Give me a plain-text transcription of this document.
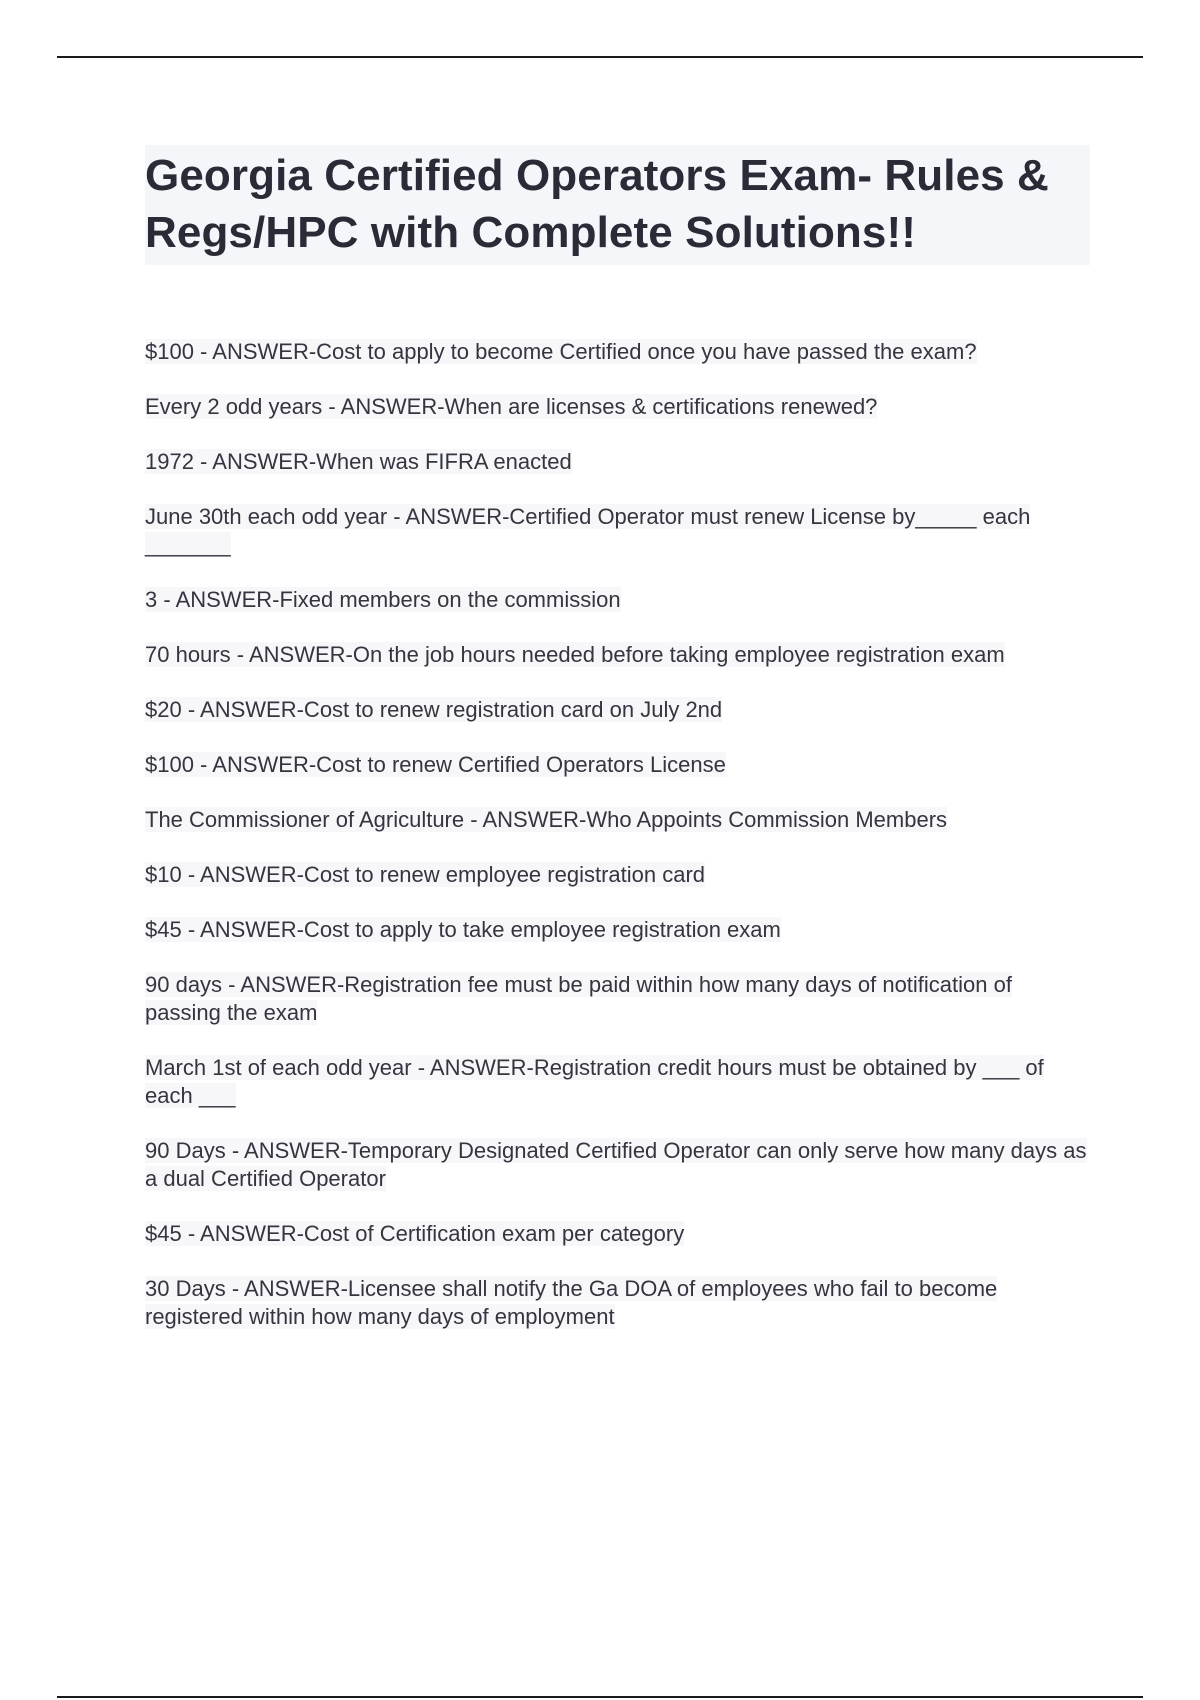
Georgia Certified Operators Exam- Rules & Regs/HPC with Complete Solutions!!
$100 - ANSWER-Cost to apply to become Certified once you have passed the exam?
Every 2 odd years - ANSWER-When are licenses & certifications renewed?
1972 - ANSWER-When was FIFRA enacted
June 30th each odd year - ANSWER-Certified Operator must renew License by_____ each _______
3 - ANSWER-Fixed members on the commission
70 hours - ANSWER-On the job hours needed before taking employee registration exam
$20 - ANSWER-Cost to renew registration card on July 2nd
$100 - ANSWER-Cost to renew Certified Operators License
The Commissioner of Agriculture - ANSWER-Who Appoints Commission Members
$10 - ANSWER-Cost to renew employee registration card
$45 - ANSWER-Cost to apply to take employee registration exam
90 days - ANSWER-Registration fee must be paid within how many days of notification of passing the exam
March 1st of each odd year - ANSWER-Registration credit hours must be obtained by ___ of each ___
90 Days - ANSWER-Temporary Designated Certified Operator can only serve how many days as a dual Certified Operator
$45 - ANSWER-Cost of Certification exam per category
30 Days - ANSWER-Licensee shall notify the Ga DOA of employees who fail to become registered within how many days of employment
